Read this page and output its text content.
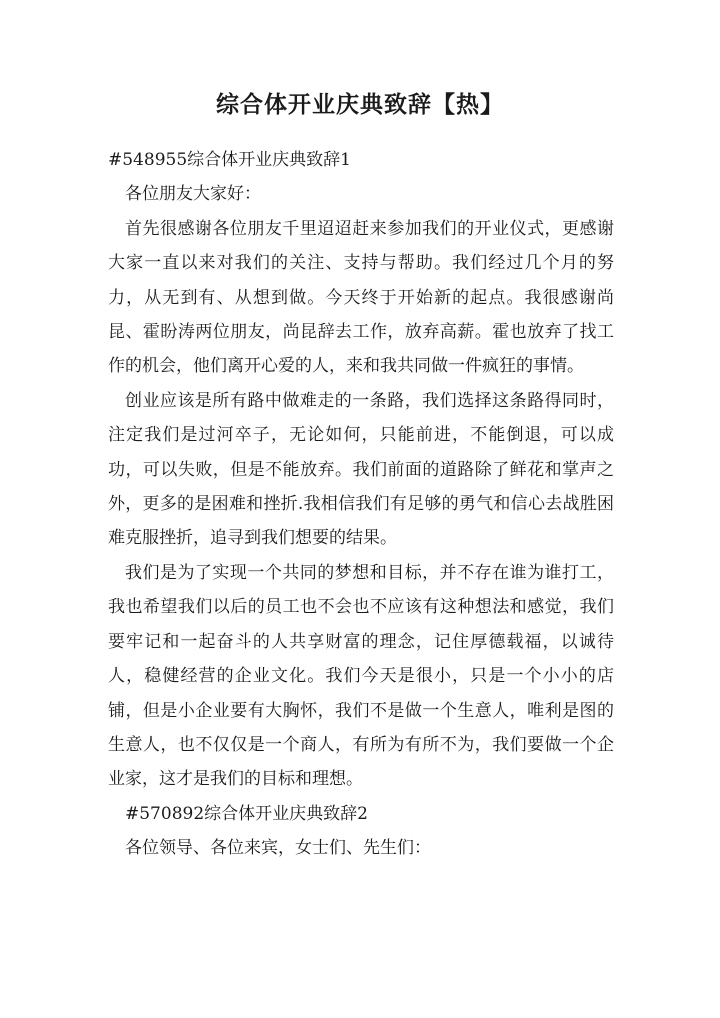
综合体开业庆典致辞【热】

#548955综合体开业庆典致辞1

各位朋友大家好：

首先很感谢各位朋友千里迢迢赶来参加我们的开业仪式，更感谢大家一直以来对我们的关注、支持与帮助。我们经过几个月的努力，从无到有、从想到做。今天终于开始新的起点。我很感谢尚昆、霍盼涛两位朋友，尚昆辞去工作，放弃高薪。霍也放弃了找工作的机会，他们离开心爱的人，来和我共同做一件疯狂的事情。

创业应该是所有路中做难走的一条路，我们选择这条路得同时，注定我们是过河卒子，无论如何，只能前进，不能倒退，可以成功，可以失败，但是不能放弃。我们前面的道路除了鲜花和掌声之外，更多的是困难和挫折.我相信我们有足够的勇气和信心去战胜困难克服挫折，追寻到我们想要的结果。

我们是为了实现一个共同的梦想和目标，并不存在谁为谁打工，我也希望我们以后的员工也不会也不应该有这种想法和感觉，我们要牢记和一起奋斗的人共享财富的理念，记住厚德载福，以诚待人，稳健经营的企业文化。我们今天是很小，只是一个小小的店铺，但是小企业要有大胸怀，我们不是做一个生意人，唯利是图的生意人，也不仅仅是一个商人，有所为有所不为，我们要做一个企业家，这才是我们的目标和理想。

#570892综合体开业庆典致辞2

各位领导、各位来宾，女士们、先生们：
